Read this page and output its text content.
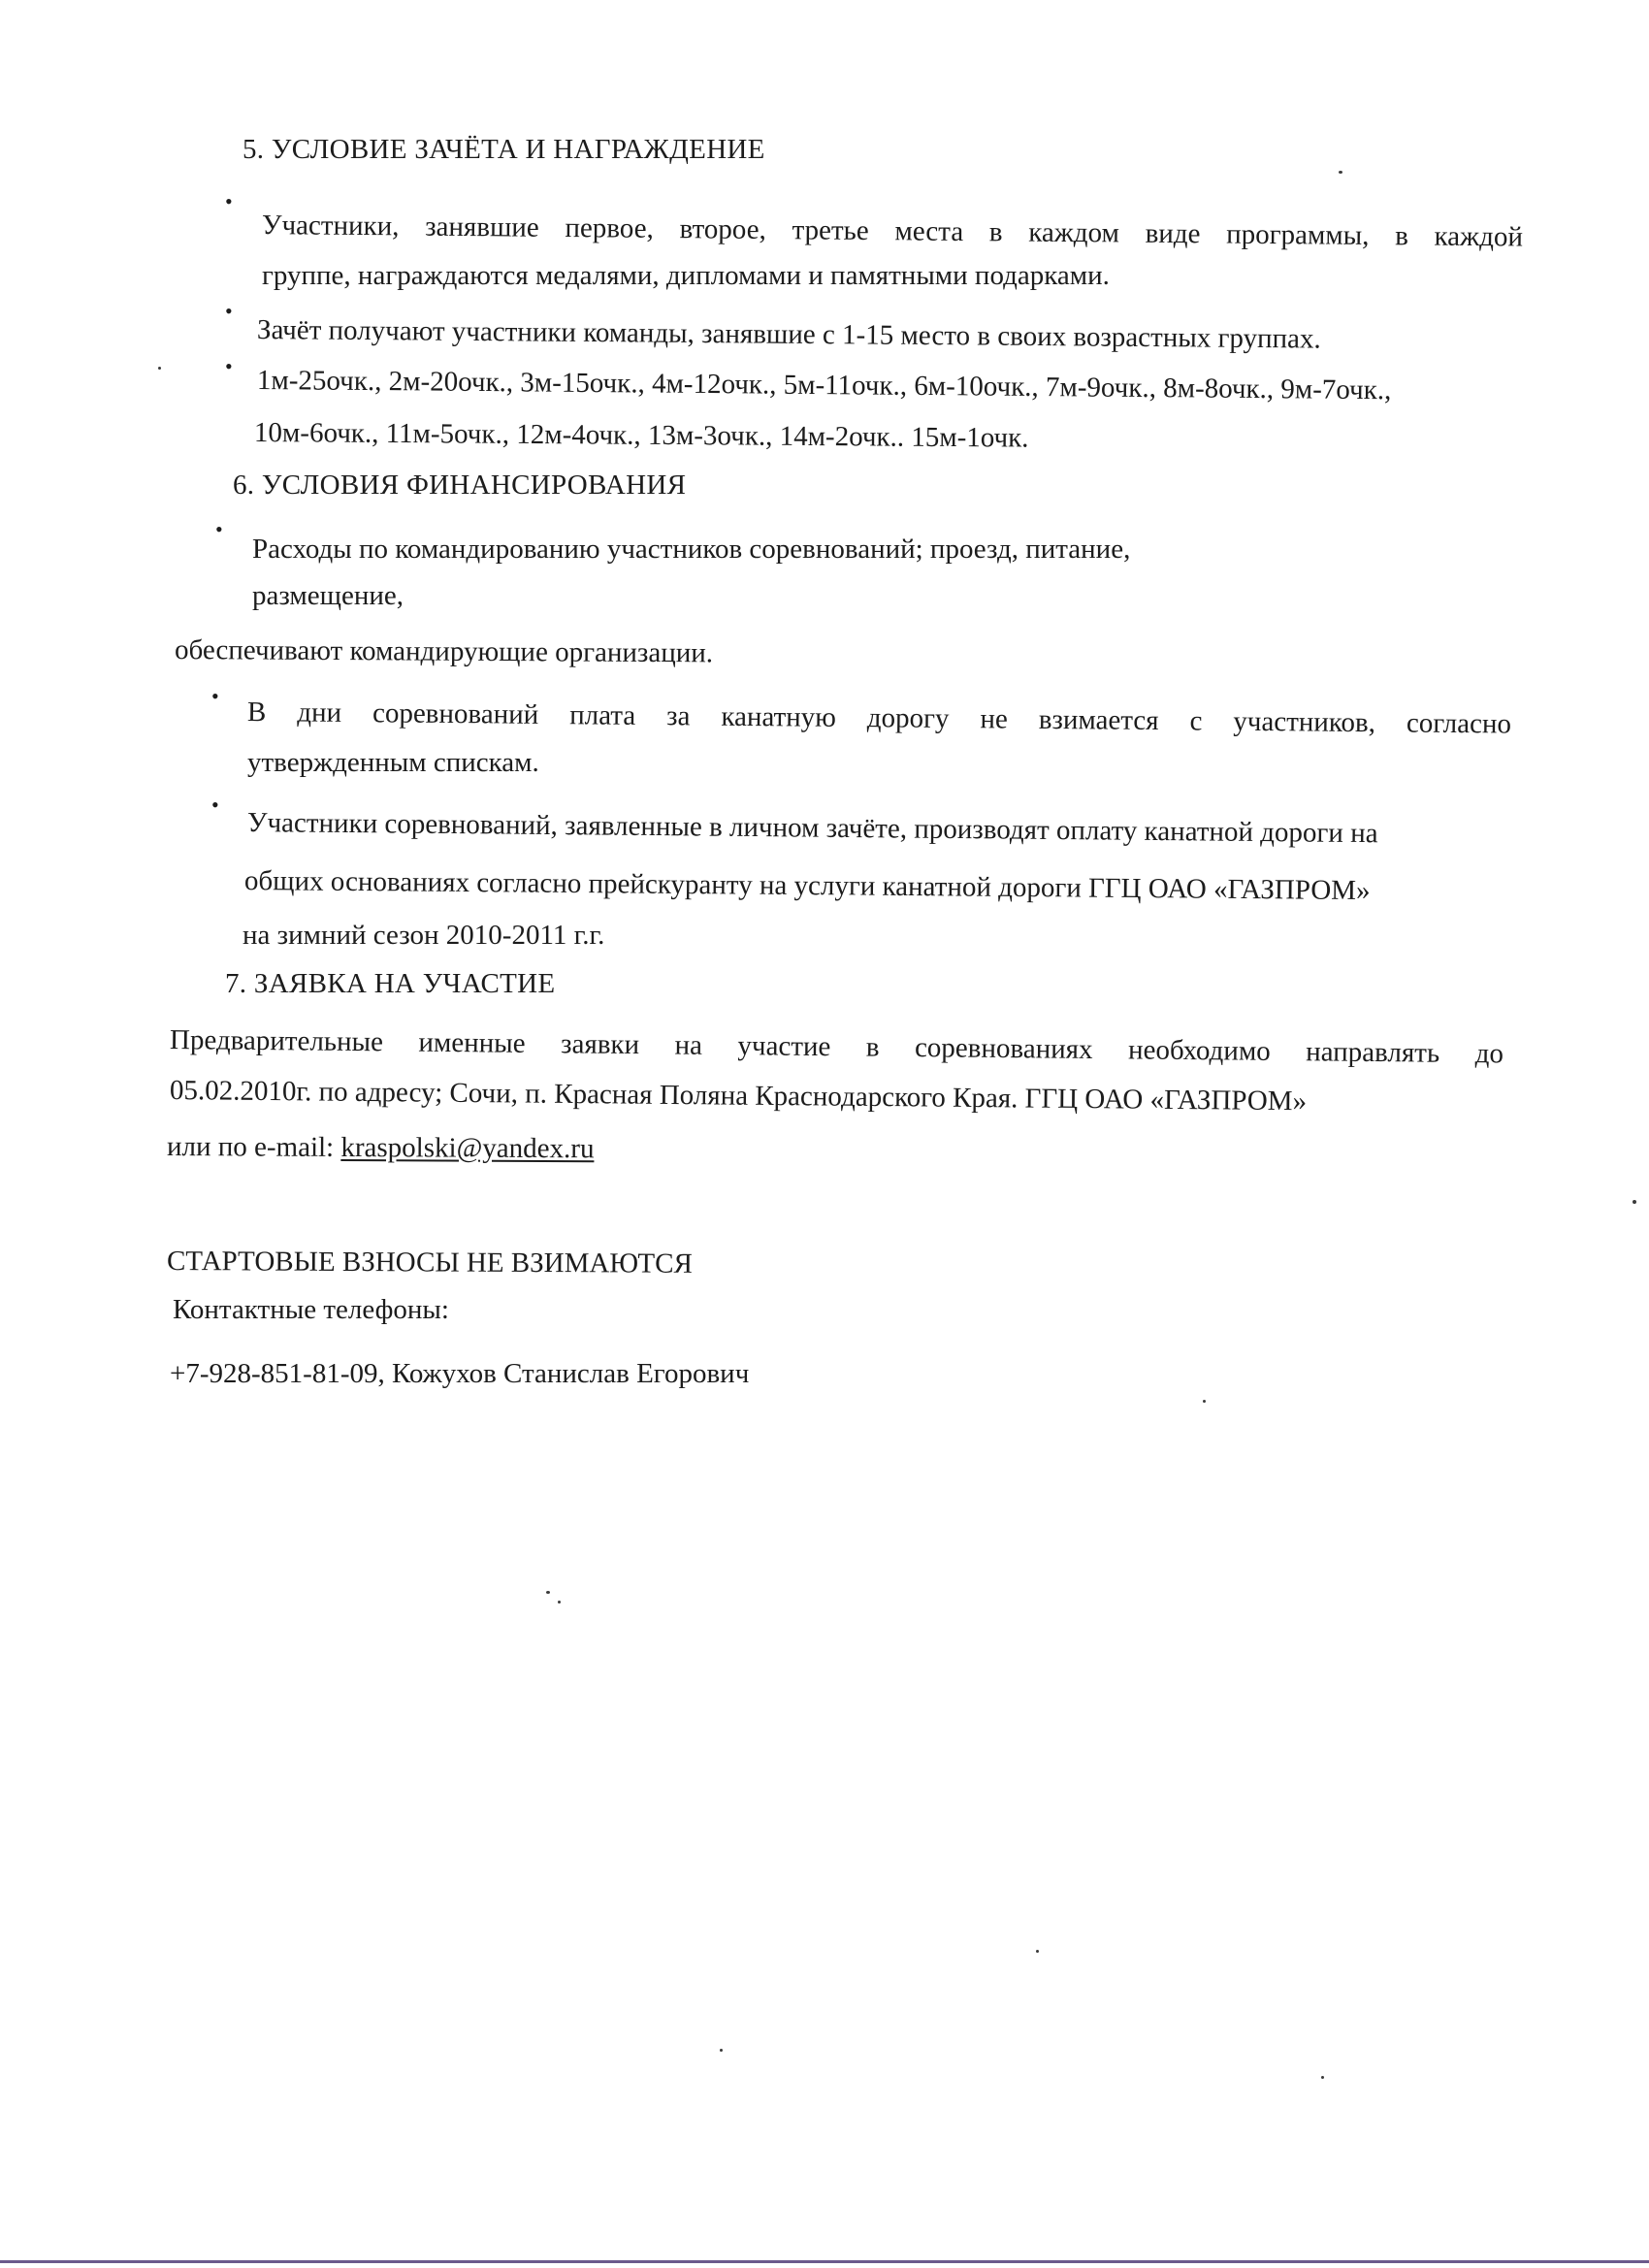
5. УСЛОВИЕ ЗАЧЁТА И НАГРАЖДЕНИЕ
•
Участники, занявшие первое, второе, третье места в каждом виде программы, в каждой
группе, награждаются медалями, дипломами и памятными подарками.
•
Зачёт получают участники команды, занявшие с 1-15 место в своих возрастных группах.
• 1м-25очк., 2м-20очк., 3м-15очк., 4м-12очк., 5м-11очк., 6м-10очк., 7м-9очк., 8м-8очк., 9м-7очк.,
10м-6очк., 11м-5очк., 12м-4очк., 13м-3очк., 14м-2очк.. 15м-1очк.
6. УСЛОВИЯ ФИНАНСИРОВАНИЯ
•
Расходы по командированию участников соревнований; проезд, питание,
размещение,
обеспечивают командирующие организации.
•
В дни соревнований плата за канатную дорогу не взимается с участников, согласно
утвержденным спискам.
•
Участники соревнований, заявленные в личном зачёте, производят оплату канатной дороги на
общих основаниях согласно прейскуранту на услуги канатной дороги ГГЦ ОАО «ГАЗПРОМ»
на зимний сезон 2010-2011 г.г.
7. ЗАЯВКА НА УЧАСТИЕ
Предварительные именные заявки на участие в соревнованиях необходимо направлять до
05.02.2010г. по адресу; Сочи, п. Красная Поляна Краснодарского Края. ГГЦ ОАО «ГАЗПРОМ»
или по e-mail: kraspolski@yandex.ru
СТАРТОВЫЕ ВЗНОСЫ НЕ ВЗИМАЮТСЯ
Контактные телефоны:
+7-928-851-81-09, Кожухов Станислав Егорович
